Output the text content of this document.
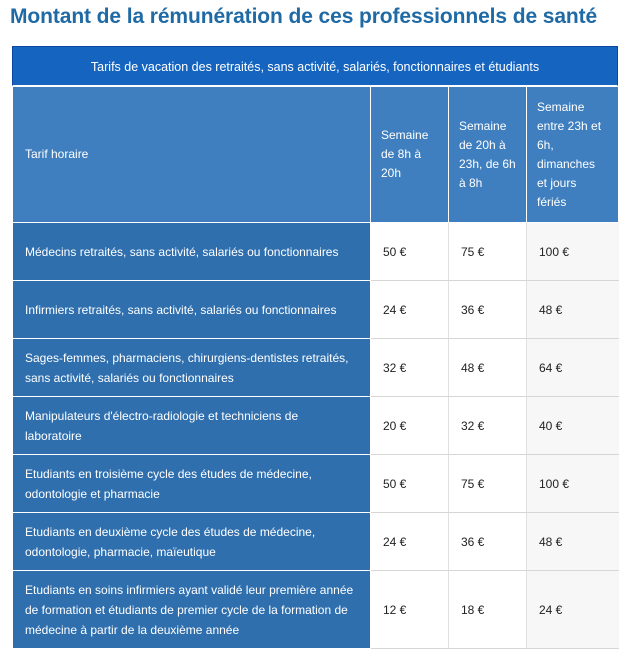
Montant de la rémunération de ces professionnels de santé
Tarifs de vacation des retraités, sans activité, salariés, fonctionnaires et étudiants
Tarif horaire	Semaine de 8h à 20h	Semaine de 20h à 23h, de 6h à 8h	Semaine entre 23h et 6h, dimanches et jours fériés
Médecins retraités, sans activité, salariés ou fonctionnaires	50 €	75 €	100 €
Infirmiers retraités, sans activité, salariés ou fonctionnaires	24 €	36 €	48 €
Sages-femmes, pharmaciens, chirurgiens-dentistes retraités, sans activité, salariés ou fonctionnaires	32 €	48 €	64 €
Manipulateurs d'électro-radiologie et techniciens de laboratoire	20 €	32 €	40 €
Etudiants en troisième cycle des études de médecine, odontologie et pharmacie	50 €	75 €	100 €
Etudiants en deuxième cycle des études de médecine, odontologie, pharmacie, maïeutique	24 €	36 €	48 €
Etudiants en soins infirmiers ayant validé leur première année de formation et étudiants de premier cycle de la formation de médecine à partir de la deuxième année	12 €	18 €	24 €
